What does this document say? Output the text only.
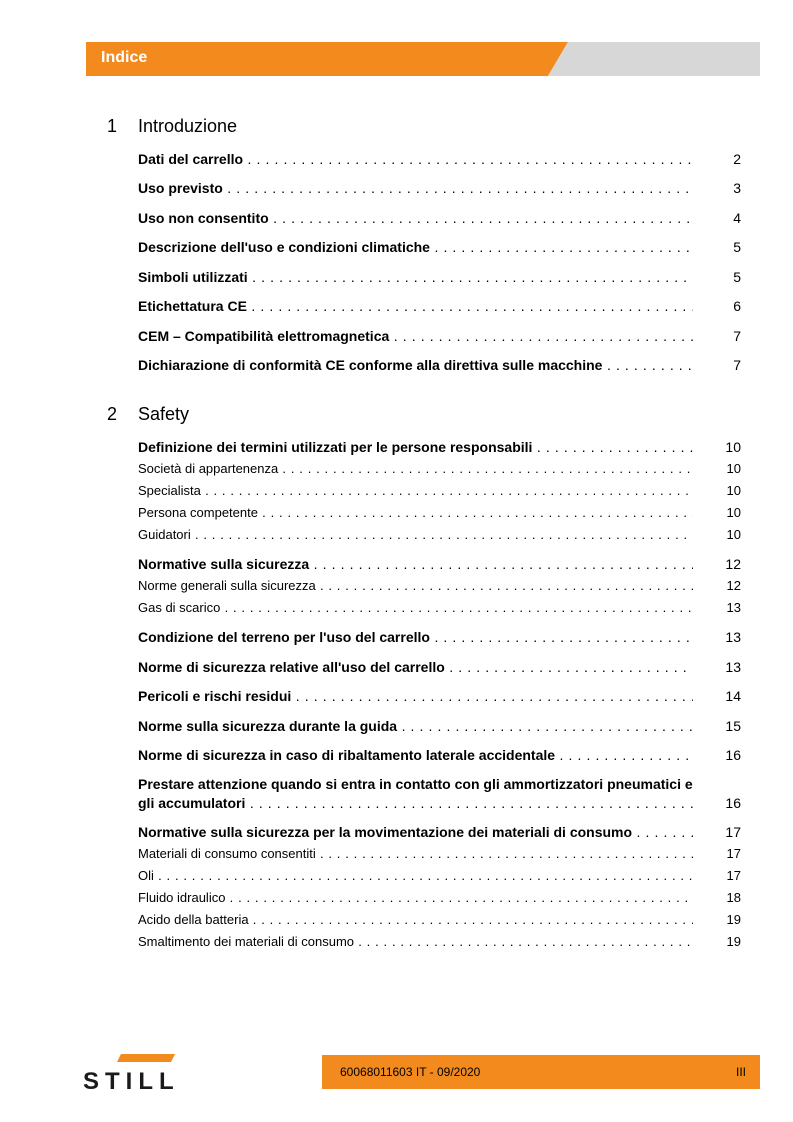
Indice
1 Introduzione
Dati del carrello . . .	2
Uso previsto . . .	3
Uso non consentito . . .	4
Descrizione dell'uso e condizioni climatiche . . .	5
Simboli utilizzati . . .	5
Etichettatura CE . . .	6
CEM – Compatibilità elettromagnetica . . .	7
Dichiarazione di conformità CE conforme alla direttiva sulle macchine . . .	7
2 Safety
Definizione dei termini utilizzati per le persone responsabili . . .	10
Società di appartenenza . . .	10
Specialista . . .	10
Persona competente . . .	10
Guidatori . . .	10
Normative sulla sicurezza . . .	12
Norme generali sulla sicurezza . . .	12
Gas di scarico . . .	13
Condizione del terreno per l'uso del carrello . . .	13
Norme di sicurezza relative all'uso del carrello . . .	13
Pericoli e rischi residui . . .	14
Norme sulla sicurezza durante la guida . . .	15
Norme di sicurezza in caso di ribaltamento laterale accidentale . . .	16
Prestare attenzione quando si entra in contatto con gli ammortizzatori pneumatici e
gli accumulatori . . .	16
Normative sulla sicurezza per la movimentazione dei materiali di consumo . . .	17
Materiali di consumo consentiti . . .	17
Oli . . .	17
Fluido idraulico . . .	18
Acido della batteria . . .	19
Smaltimento dei materiali di consumo . . .	19
STILL	60068011603 IT - 09/2020	III
